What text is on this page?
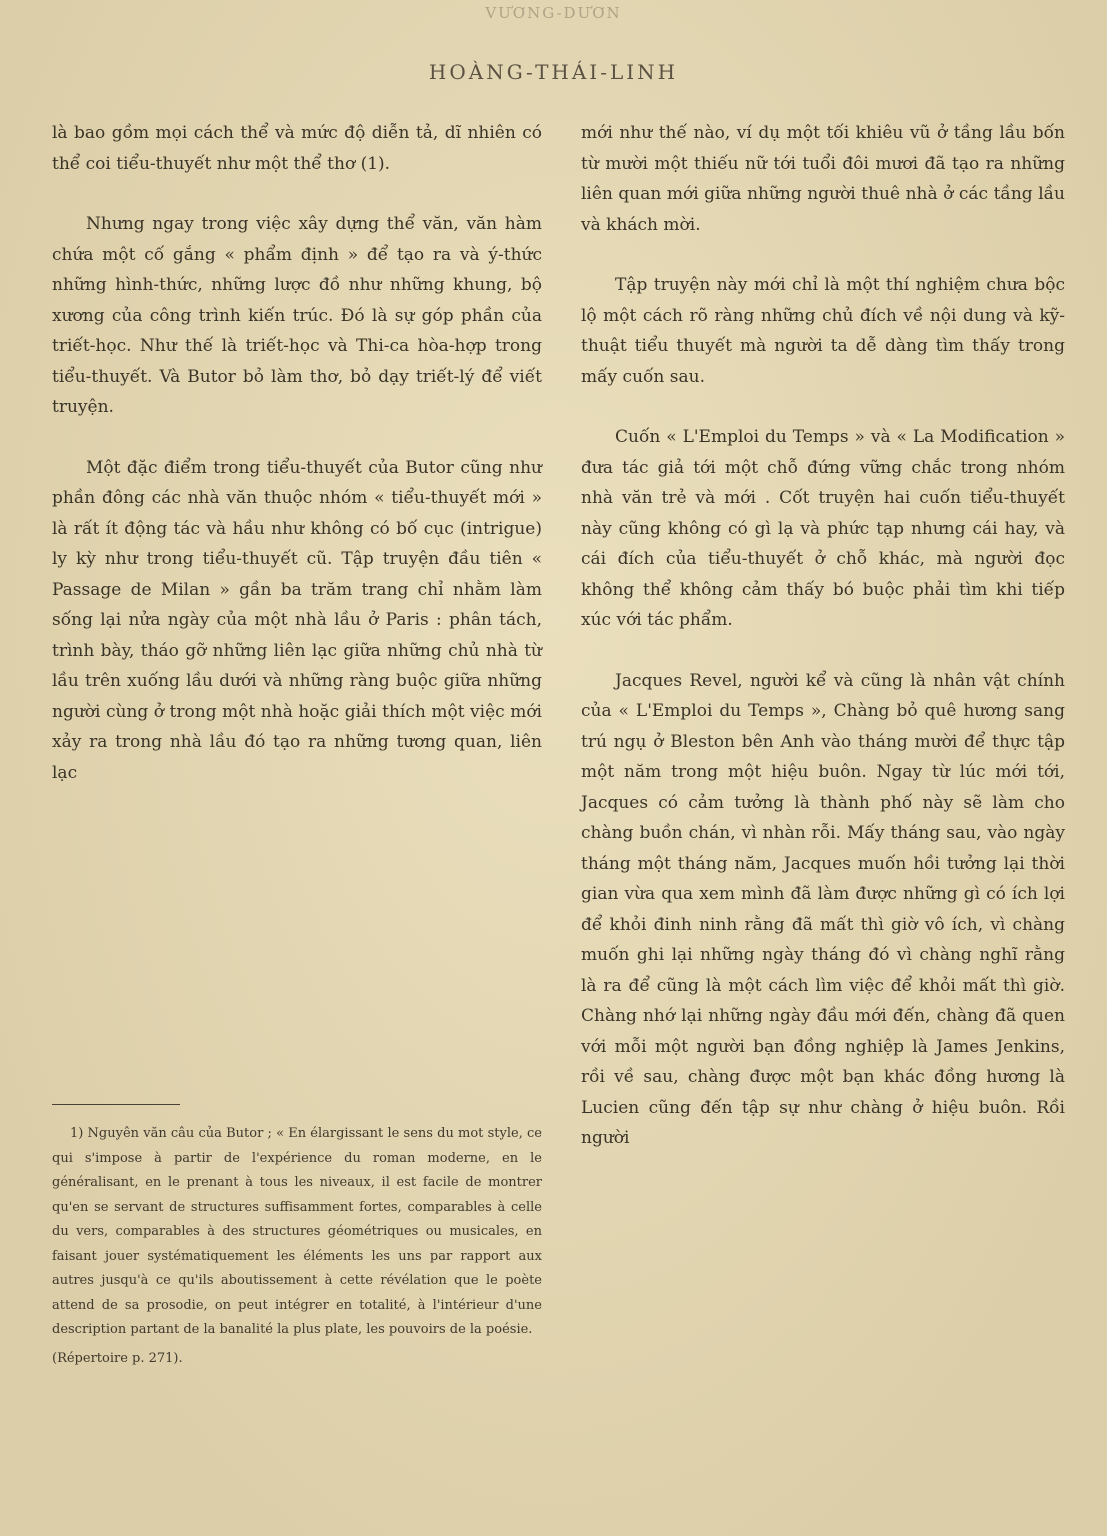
VƯƠNG-DƯƠN
HOÀNG-THÁI-LINH

là bao gồm mọi cách thể và mức độ diễn tả, dĩ nhiên có thể coi tiểu-thuyết như một thể thơ (1).

Nhưng ngay trong việc xây dựng thể văn, văn hàm chứa một cố gắng « phẩm định » để tạo ra và ý-thức những hình-thức, những lược đồ như những khung, bộ xương của công trình kiến trúc. Đó là sự góp phần của triết-học. Như thế là triết-học và Thi-ca hòa-hợp trong tiểu-thuyết. Và Butor bỏ làm thơ, bỏ dạy triết-lý để viết truyện.

Một đặc điểm trong tiểu-thuyết của Butor cũng như phần đông các nhà văn thuộc nhóm « tiểu-thuyết mới » là rất ít động tác và hầu như không có bố cục (intrigue) ly kỳ như trong tiểu-thuyết cũ. Tập truyện đầu tiên « Passage de Milan » gần ba trăm trang chỉ nhằm làm sống lại nửa ngày của một nhà lầu ở Paris : phân tách, trình bày, tháo gỡ những liên lạc giữa những chủ nhà từ lầu trên xuống lầu dưới và những ràng buộc giữa những người cùng ở trong một nhà hoặc giải thích một việc mới xảy ra trong nhà lầu đó tạo ra những tương quan, liên lạc

mới như thế nào, ví dụ một tối khiêu vũ ở tầng lầu bốn từ mười một thiếu nữ tới tuổi đôi mươi đã tạo ra những liên quan mới giữa những người thuê nhà ở các tầng lầu và khách mời.

Tập truyện này mới chỉ là một thí nghiệm chưa bộc lộ một cách rõ ràng những chủ đích về nội dung và kỹ-thuật tiểu thuyết mà người ta dễ dàng tìm thấy trong mấy cuốn sau.

Cuốn « L'Emploi du Temps » và « La Modification » đưa tác giả tới một chỗ đứng vững chắc trong nhóm nhà văn trẻ và mới . Cốt truyện hai cuốn tiểu-thuyết này cũng không có gì lạ và phức tạp nhưng cái hay, và cái đích của tiểu-thuyết ở chỗ khác, mà người đọc không thể không cảm thấy bó buộc phải tìm khi tiếp xúc với tác phẩm.

Jacques Revel, người kể và cũng là nhân vật chính của « L'Emploi du Temps », Chàng bỏ quê hương sang trú ngụ ở Bleston bên Anh vào tháng mười để thực tập một năm trong một hiệu buôn. Ngay từ lúc mới tới, Jacques có cảm tưởng là thành phố này sẽ làm cho chàng buồn chán, vì nhàn rỗi. Mấy tháng sau, vào ngày tháng một tháng năm, Jacques muốn hồi tưởng lại thời gian vừa qua xem mình đã làm được những gì có ích lợi để khỏi đinh ninh rằng đã mất thì giờ vô ích, vì chàng muốn ghi lại những ngày tháng đó vì chàng nghĩ rằng là ra để cũng là một cách lìm việc để khỏi mất thì giờ. Chàng nhớ lại những ngày đầu mới đến, chàng đã quen với mỗi một người bạn đồng nghiệp là James Jenkins, rồi về sau, chàng được một bạn khác đồng hương là Lucien cũng đến tập sự như chàng ở hiệu buôn. Rồi người

1) Nguyên văn câu của Butor ; « En élargissant le sens du mot style, ce qui s'impose à partir de l'expérience du roman moderne, en le généralisant, en le prenant à tous les niveaux, il est facile de montrer qu'en se servant de structures suffisamment fortes, comparables à celle du vers, comparables à des structures géométriques ou musicales, en faisant jouer systématiquement les éléments les uns par rapport aux autres jusqu'à ce qu'ils aboutissement à cette révélation que le poète attend de sa prosodie, on peut intégrer en totalité, à l'intérieur d'une description partant de la banalité la plus plate, les pouvoirs de la poésie.

(Répertoire p. 271).
